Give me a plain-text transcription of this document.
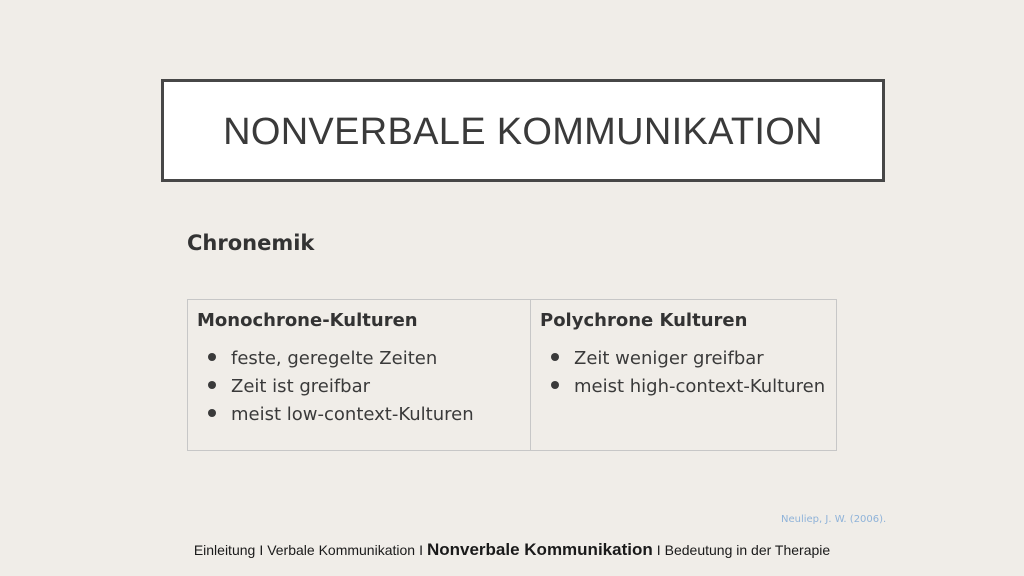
NONVERBALE KOMMUNIKATION
Chronemik
Monochrone-Kulturen
feste, geregelte Zeiten
Zeit ist greifbar
meist low-context-Kulturen

Polychrone Kulturen
Zeit weniger greifbar
meist high-context-Kulturen
Neuliep, J. W. (2006).
Einleitung I Verbale Kommunikation I Nonverbale Kommunikation I Bedeutung in der Therapie
